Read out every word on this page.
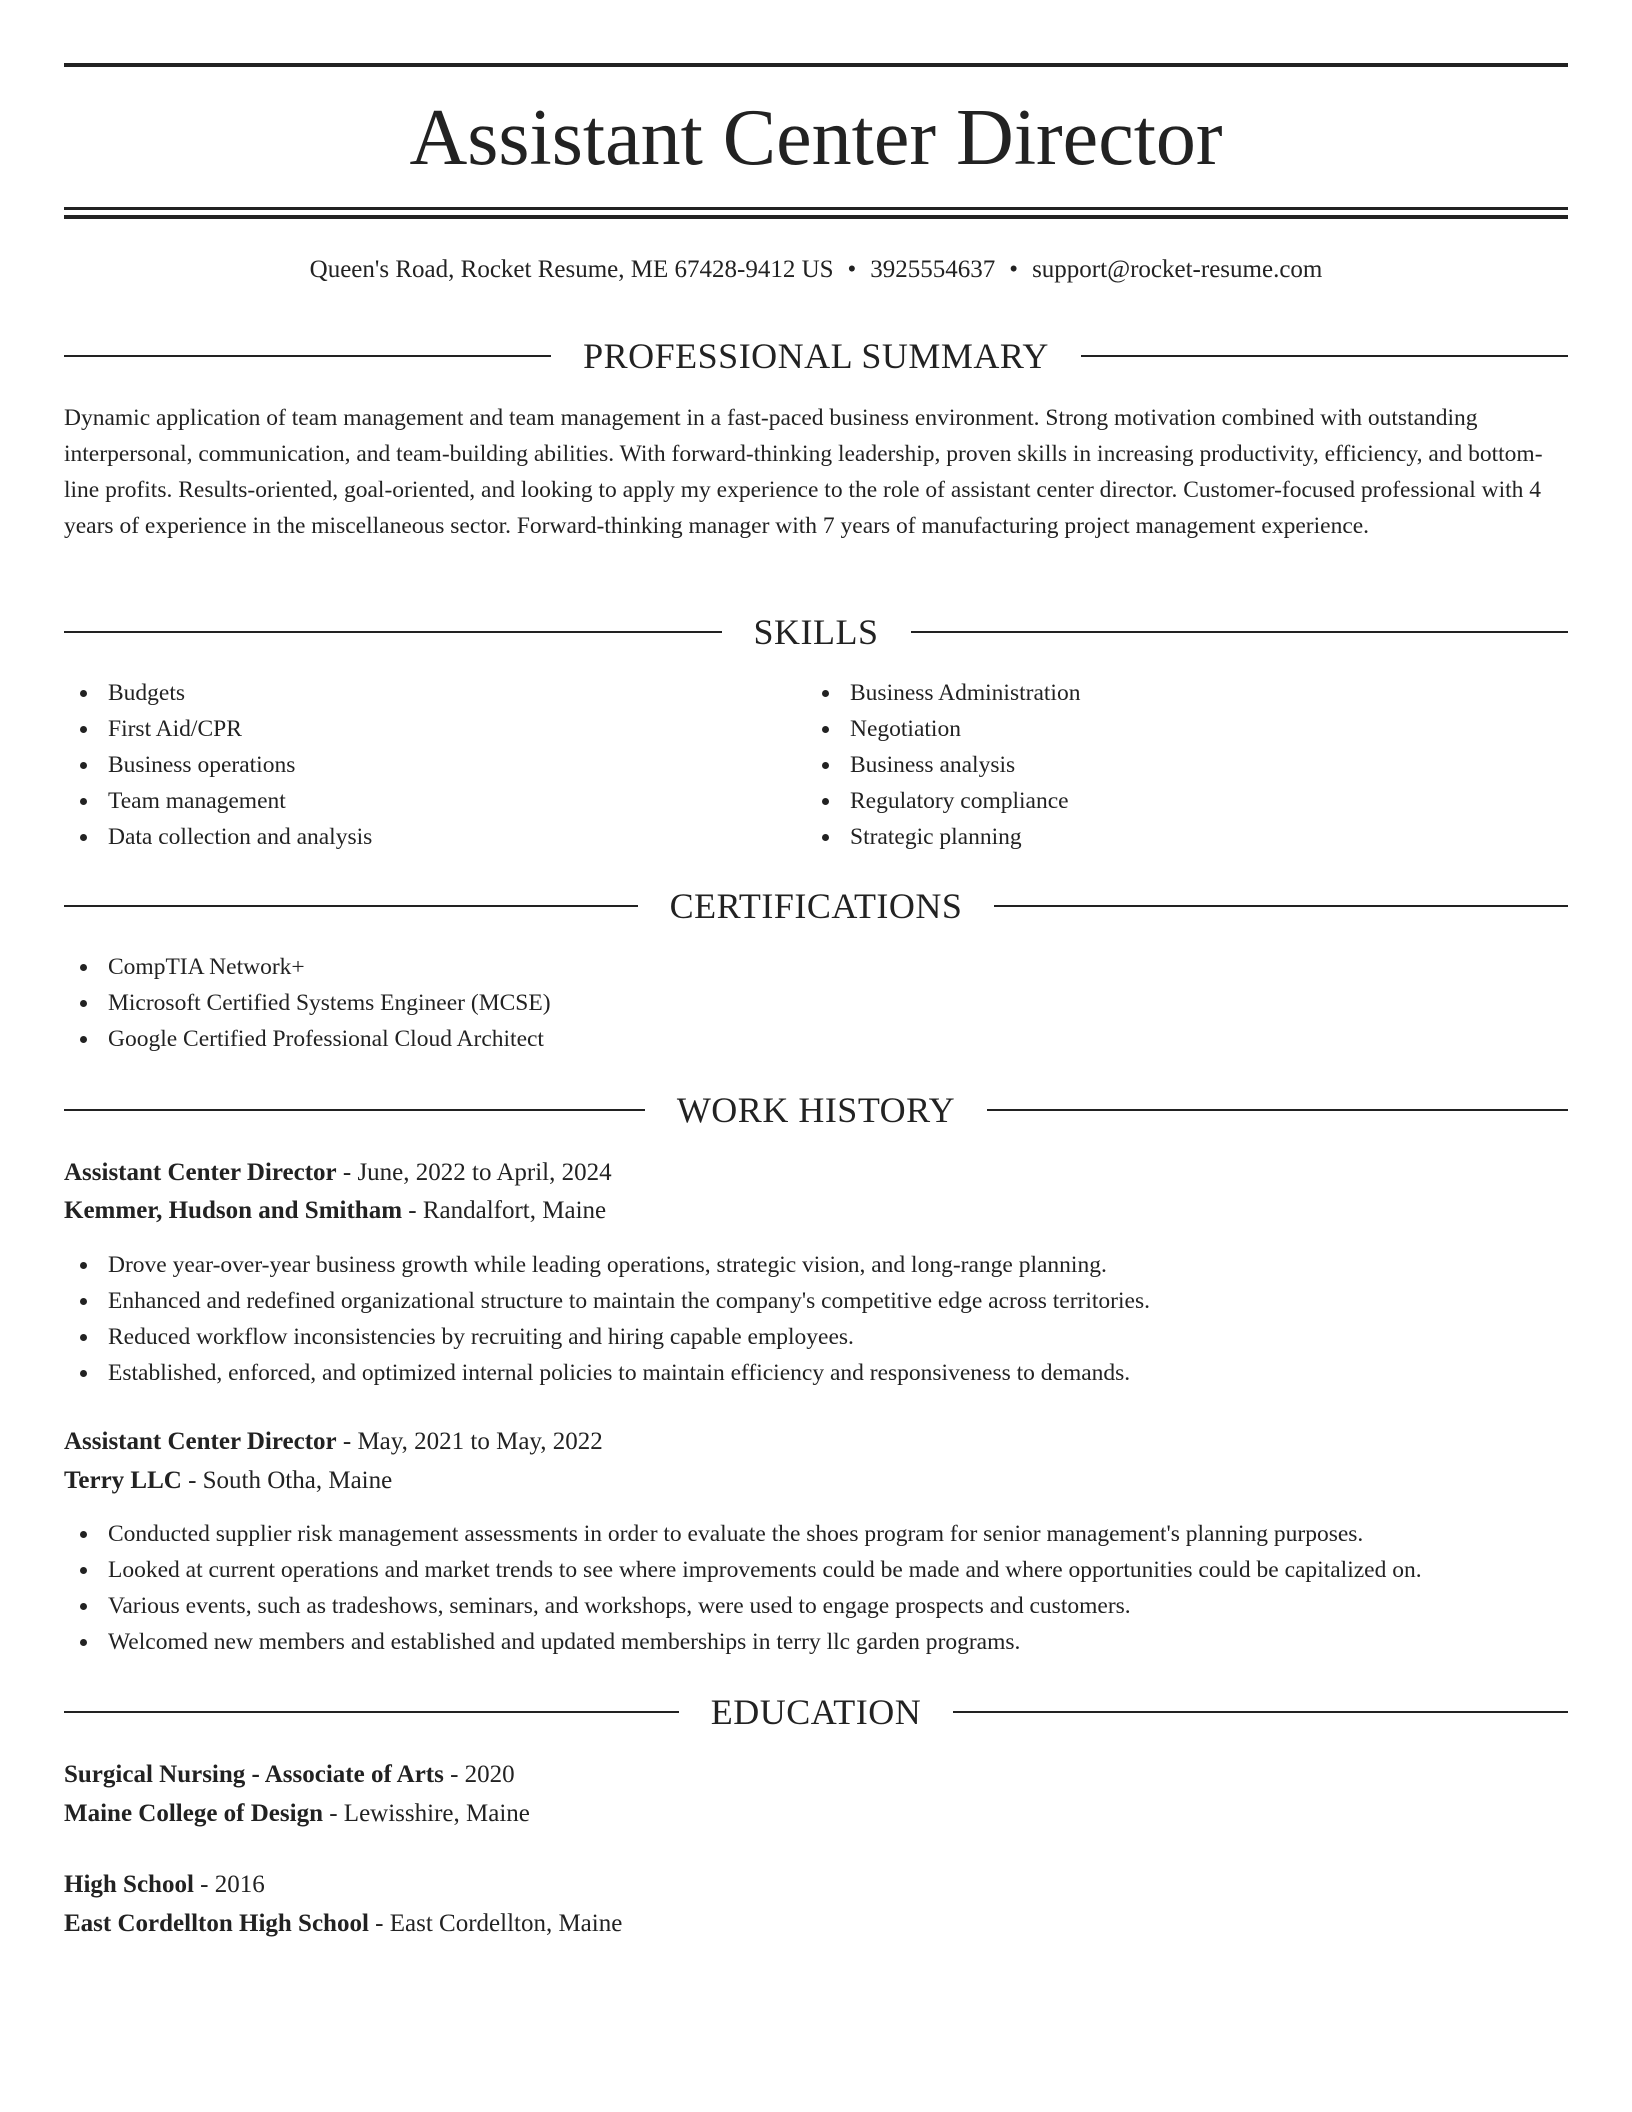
Assistant Center Director
Queen's Road, Rocket Resume, ME 67428-9412 US • 3925554637 • support@rocket-resume.com
PROFESSIONAL SUMMARY
Dynamic application of team management and team management in a fast-paced business environment. Strong motivation combined with outstanding interpersonal, communication, and team-building abilities. With forward-thinking leadership, proven skills in increasing productivity, efficiency, and bottom-line profits. Results-oriented, goal-oriented, and looking to apply my experience to the role of assistant center director. Customer-focused professional with 4 years of experience in the miscellaneous sector. Forward-thinking manager with 7 years of manufacturing project management experience.
SKILLS
Budgets
First Aid/CPR
Business operations
Team management
Data collection and analysis
Business Administration
Negotiation
Business analysis
Regulatory compliance
Strategic planning
CERTIFICATIONS
CompTIA Network+
Microsoft Certified Systems Engineer (MCSE)
Google Certified Professional Cloud Architect
WORK HISTORY
Assistant Center Director - June, 2022 to April, 2024
Kemmer, Hudson and Smitham - Randalfort, Maine
Drove year-over-year business growth while leading operations, strategic vision, and long-range planning.
Enhanced and redefined organizational structure to maintain the company's competitive edge across territories.
Reduced workflow inconsistencies by recruiting and hiring capable employees.
Established, enforced, and optimized internal policies to maintain efficiency and responsiveness to demands.
Assistant Center Director - May, 2021 to May, 2022
Terry LLC - South Otha, Maine
Conducted supplier risk management assessments in order to evaluate the shoes program for senior management's planning purposes.
Looked at current operations and market trends to see where improvements could be made and where opportunities could be capitalized on.
Various events, such as tradeshows, seminars, and workshops, were used to engage prospects and customers.
Welcomed new members and established and updated memberships in terry llc garden programs.
EDUCATION
Surgical Nursing - Associate of Arts - 2020
Maine College of Design - Lewisshire, Maine
High School - 2016
East Cordellton High School - East Cordellton, Maine
